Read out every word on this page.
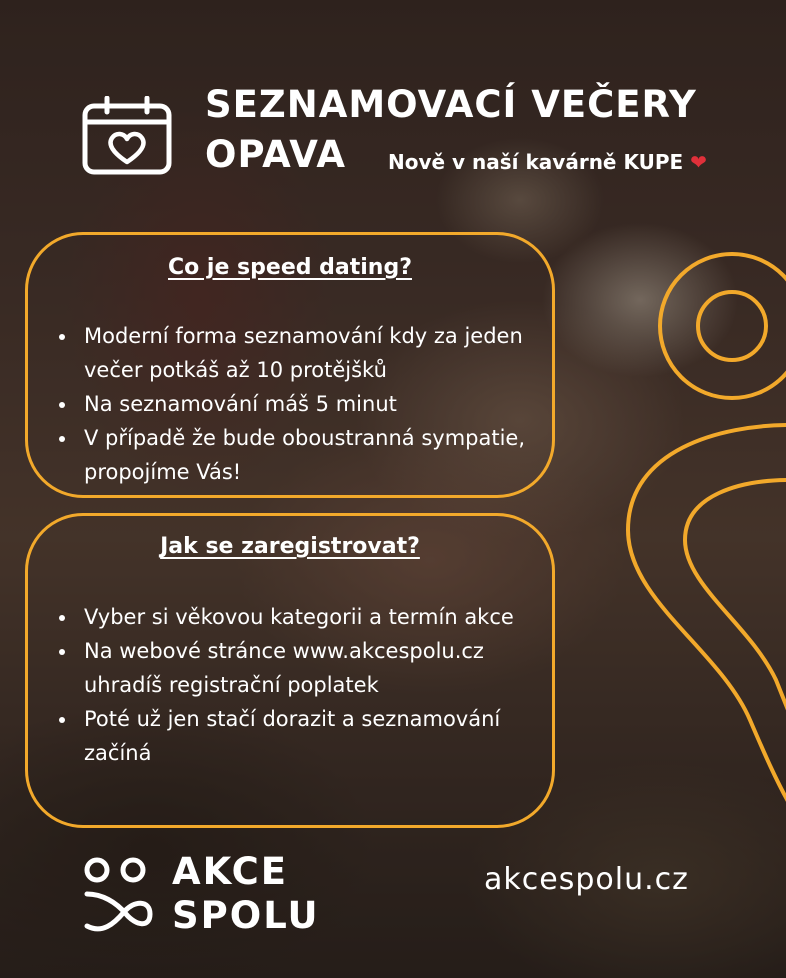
SEZNAMOVACÍ VEČERY
OPAVA	Nově v naší kavárně KUPE ❤
Co je speed dating?
• Moderní forma seznamování kdy za jeden večer potkáš až 10 protějšků
• Na seznamování máš 5 minut
• V případě že bude oboustranná sympatie, propojíme Vás!
Jak se zaregistrovat?
• Vyber si věkovou kategorii a termín akce
• Na webové stránce www.akcespolu.cz uhradíš registrační poplatek
• Poté už jen stačí dorazit a seznamování začíná
AKCE
SPOLU
akcespolu.cz
